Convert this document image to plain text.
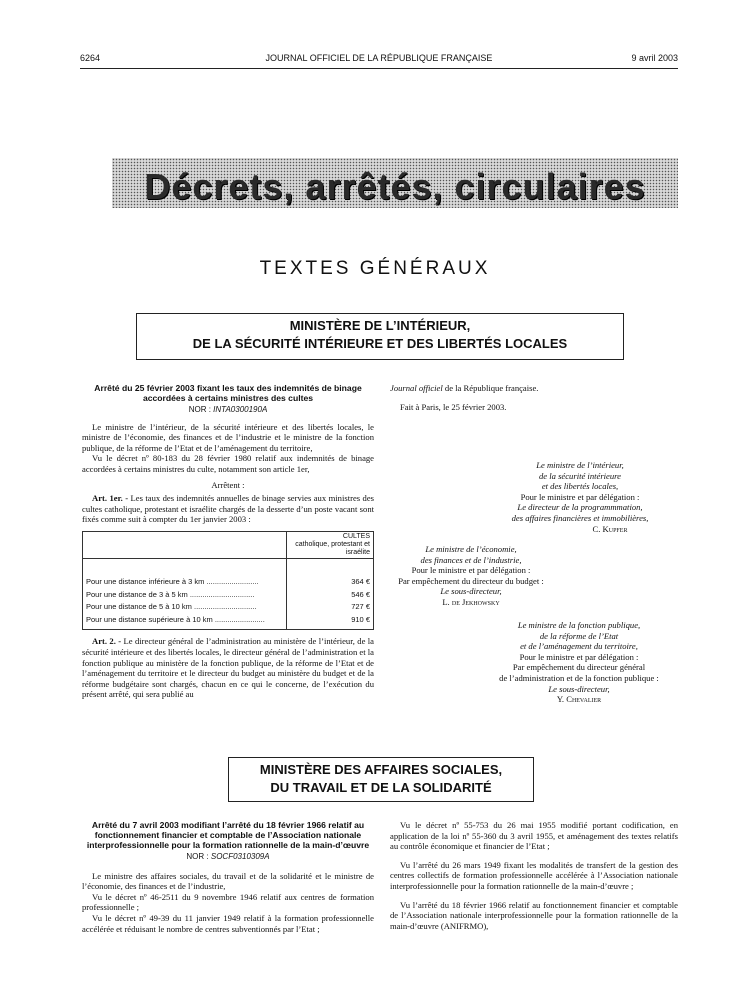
6264	JOURNAL OFFICIEL DE LA RÉPUBLIQUE FRANÇAISE	9 avril 2003
Décrets, arrêtés, circulaires
TEXTES GÉNÉRAUX
MINISTÈRE DE L’INTÉRIEUR,
DE LA SÉCURITÉ INTÉRIEURE ET DES LIBERTÉS LOCALES
Arrêté du 25 février 2003 fixant les taux des indemnités de binage accordées à certains ministres des cultes
NOR : INTA0300190A

Le ministre de l’intérieur, de la sécurité intérieure et des libertés locales, le ministre de l’économie, des finances et de l’industrie et le ministre de la fonction publique, de la réforme de l’Etat et de l’aménagement du territoire,

Vu le décret nº 80-183 du 28 février 1980 relatif aux indemnités de binage accordées à certains ministres du culte, notamment son article 1er,

Arrêtent :

Art. 1er. - Les taux des indemnités annuelles de binage servies aux ministres des cultes catholique, protestant et israélite chargés de la desserte d’un poste vacant sont fixés comme suit à compter du 1er janvier 2003 :

	CULTES
catholique, protestant et israélite

Pour une distance inférieure à 3 km .........................	364 €
Pour une distance de 3 à 5 km ...............................	546 €
Pour une distance de 5 à 10 km ..............................	727 €
Pour une distance supérieure à 10 km ........................	910 €

Art. 2. - Le directeur général de l’administration au ministère de l’intérieur, de la sécurité intérieure et des libertés locales, le directeur général de l’administration et la fonction publique au ministère de la fonction publique, de la réforme de l’Etat et de l’aménagement du territoire et le directeur du budget au ministère du budget et de la réforme budgétaire sont chargés, chacun en ce qui le concerne, de l’exécution du présent arrêté, qui sera publié au

Journal officiel de la République française.

Fait à Paris, le 25 février 2003.

Le ministre de l’intérieur,
de la sécurité intérieure
et des libertés locales,
Pour le ministre et par délégation :
Le directeur de la programmmation,
des affaires financières et immobilières,
C. Kupfer
Le ministre de l’économie,
des finances et de l’industrie,
Pour le ministre et par délégation :
Par empêchement du directeur du budget :
Le sous-directeur,
L. de Jekhowsky
Le ministre de la fonction publique,
de la réforme de l’Etat
et de l’aménagement du territoire,
Pour le ministre et par délégation :
Par empêchement du directeur général
de l’administration et de la fonction publique :
Le sous-directeur,
Y. Chevalier
MINISTÈRE DES AFFAIRES SOCIALES,
DU TRAVAIL ET DE LA SOLIDARITÉ
Arrêté du 7 avril 2003 modifiant l’arrêté du 18 février 1966 relatif au fonctionnement financier et comptable de l’Association nationale interprofessionnelle pour la formation rationnelle de la main-d’œuvre
NOR : SOCF0310309A

Le ministre des affaires sociales, du travail et de la solidarité et le ministre de l’économie, des finances et de l’industrie,

Vu le décret nº 46-2511 du 9 novembre 1946 relatif aux centres de formation professionnelle ;

Vu le décret nº 49-39 du 11 janvier 1949 relatif à la formation professionnelle accélérée et réduisant le nombre de centres subventionnés par l’Etat ;

Vu le décret nº 55-753 du 26 mai 1955 modifié portant codification, en application de la loi nº 55-360 du 3 avril 1955, et aménagement des textes relatifs au contrôle économique et financier de l’Etat ;

Vu l’arrêté du 26 mars 1949 fixant les modalités de transfert de la gestion des centres collectifs de formation professionnelle accélérée à l’Association nationale interprofessionnelle pour la formation rationnelle de la main-d’œuvre ;

Vu l’arrêté du 18 février 1966 relatif au fonctionnement financier et comptable de l’Association nationale interprofessionnelle pour la formation rationnelle de la main-d’œuvre (ANIFRMO),
